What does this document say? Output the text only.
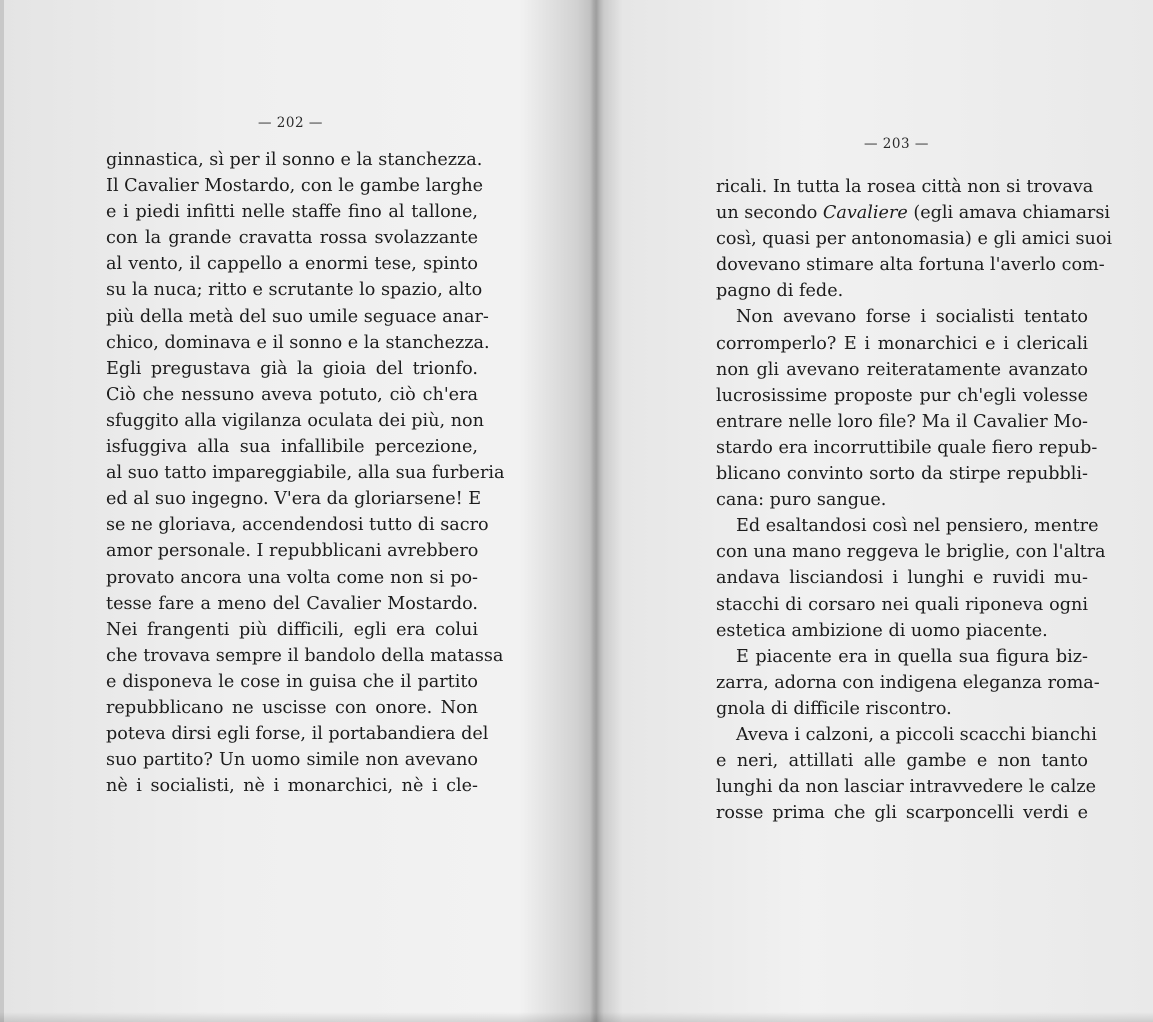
— 202 —
ginnastica, sì per il sonno e la stanchezza.
Il Cavalier Mostardo, con le gambe larghe
e i piedi infitti nelle staffe fino al tallone,
con la grande cravatta rossa svolazzante
al vento, il cappello a enormi tese, spinto
su la nuca; ritto e scrutante lo spazio, alto
più della metà del suo umile seguace anar-
chico, dominava e il sonno e la stanchezza.
Egli pregustava già la gioia del trionfo.
Ciò che nessuno aveva potuto, ciò ch'era
sfuggito alla vigilanza oculata dei più, non
isfuggiva alla sua infallibile percezione,
al suo tatto impareggiabile, alla sua furberia
ed al suo ingegno. V'era da gloriarsene! E
se ne gloriava, accendendosi tutto di sacro
amor personale. I repubblicani avrebbero
provato ancora una volta come non si po-
tesse fare a meno del Cavalier Mostardo.
Nei frangenti più difficili, egli era colui
che trovava sempre il bandolo della matassa
e disponeva le cose in guisa che il partito
repubblicano ne uscisse con onore. Non
poteva dirsi egli forse, il portabandiera del
suo partito? Un uomo simile non avevano
nè i socialisti, nè i monarchici, nè i cle-
— 203 —
ricali. In tutta la rosea città non si trovava
un secondo Cavaliere (egli amava chiamarsi
così, quasi per antonomasia) e gli amici suoi
dovevano stimare alta fortuna l'averlo com-
pagno di fede.
Non avevano forse i socialisti tentato
corromperlo? E i monarchici e i clericali
non gli avevano reiteratamente avanzato
lucrosissime proposte pur ch'egli volesse
entrare nelle loro file? Ma il Cavalier Mo-
stardo era incorruttibile quale fiero repub-
blicano convinto sorto da stirpe repubbli-
cana: puro sangue.
Ed esaltandosi così nel pensiero, mentre
con una mano reggeva le briglie, con l'altra
andava lisciandosi i lunghi e ruvidi mu-
stacchi di corsaro nei quali riponeva ogni
estetica ambizione di uomo piacente.
E piacente era in quella sua figura biz-
zarra, adorna con indigena eleganza roma-
gnola di difficile riscontro.
Aveva i calzoni, a piccoli scacchi bianchi
e neri, attillati alle gambe e non tanto
lunghi da non lasciar intravvedere le calze
rosse prima che gli scarponcelli verdi e
